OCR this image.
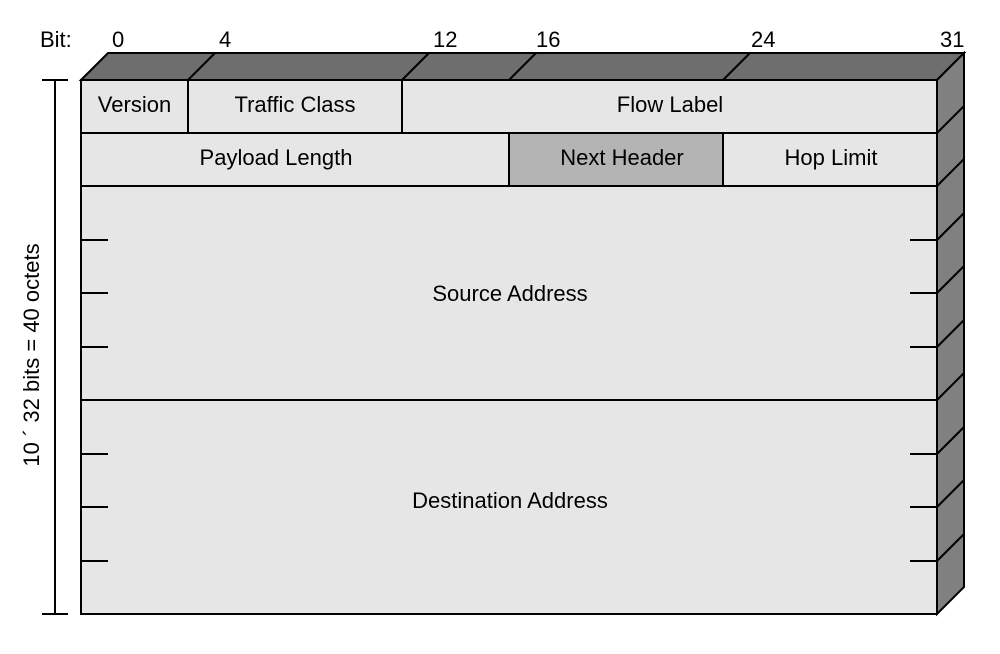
Bit: 0	4	12	16	24	31
Version	Traffic Class	Flow Label
Payload Length	Next Header	Hop Limit
Source Address
Destination Address
10 ´ 32 bits = 40 octets
